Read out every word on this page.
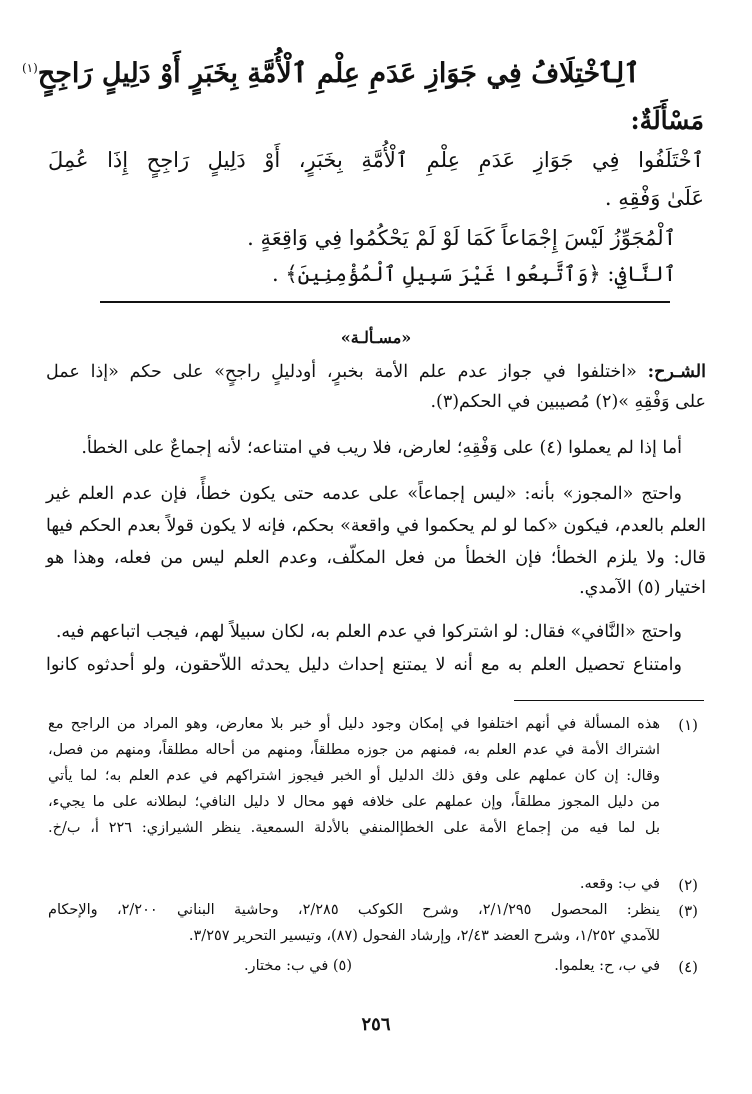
ٱلِٱخْتِلَافُ فِي جَوَازِ عَدَمِ عِلْمِ ٱلْأُمَّةِ بِخَبَرٍ أَوْ دَلِيلٍ رَاجِحٍ$^{(١)}$
مَسْأَلَةٌ:
ٱخْتَلَفُوا فِي جَوَازِ عَدَمِ عِلْمِ ٱلْأُمَّةِ بِخَبَرٍ، أَوْ دَلِيلٍ رَاجِحٍ إِذَا عُمِلَ
عَلَىٰ وَفْقِهِ .
ٱلْمُجَوِّزُ لَيْسَ إِجْمَاعاً كَمَا لَوْ لَمْ يَحْكُمُوا فِي وَاقِعَةٍ .
ٱلنَّافِي: ﴿وَٱتَّبِعُوا غَيْرَ سَبِيلِ ٱلْمُؤْمِنِينَ﴾ .
«مسـألـة»
الشـرح: «اختلفوا في جواز عدم علم الأمة بخبرٍ، أودليلٍ راجحٍ» على حكم «إذا عمل
على وَفْقِهِ »(٢) مُصيبين في الحكم(٣).
أما إذا لم يعملوا (٤) على وَفْقِهِ؛ لعارض، فلا ريب في امتناعه؛ لأنه إجماعٌ على الخطأ.
واحتج «المجوز» بأنه: «ليس إجماعاً» على عدمه حتى يكون خطأً، فإن عدم العلم غير
العلم بالعدم، فيكون «كما لو لم يحكموا في واقعة» بحكم، فإنه لا يكون قولاً بعدم الحكم فيها
قال: ولا يلزم الخطأ؛ فإن الخطأ من فعل المكلّف، وعدم العلم ليس من فعله، وهذا هو
اختيار (٥) الآمدي.
واحتج «النَّافي» فقال: لو اشتركوا في عدم العلم به، لكان سبيلاً لهم، فيجب اتباعهم فيه.
وامتناع تحصيل العلم به مع أنه لا يمتنع إحداث دليل يحدثه اللاّحقون، ولو أحدثوه كانوا
(١)
هذه المسألة في أنهم اختلفوا في إمكان وجود دليل أو خبر بلا معارض، وهو المراد من الراجح مع
اشتراك الأمة في عدم العلم به، فمنهم من جوزه مطلقاً، ومنهم من أحاله مطلقاً، ومنهم من فصل،
وقال: إن كان عملهم على وفق ذلك الدليل أو الخبر فيجوز اشتراكهم في عدم العلم به؛ لما يأتي
من دليل المجوز مطلقاً، وإن عملهم على خلافه فهو محال لا دليل النافي؛ لبطلانه على ما يجيء،
بل لما فيه من إجماع الأمة على الخطإالمنفي بالأدلة السمعية. ينظر الشيرازي: ٢٢٦ أ، ب/خ.
(٢)
في ب: وقعه.
(٣)
ينظر: المحصول ٢/١/٢٩٥، وشرح الكوكب ٢/٢٨٥، وحاشية البناني ٢/٢٠٠، والإحكام
للآمدي ١/٢٥٢، وشرح العضد ٢/٤٣، وإرشاد الفحول (٨٧)، وتيسير التحرير ٣/٢٥٧.
(٤)
في ب، ح: يعلموا.
(٥) في ب: مختار.
٢٥٦
